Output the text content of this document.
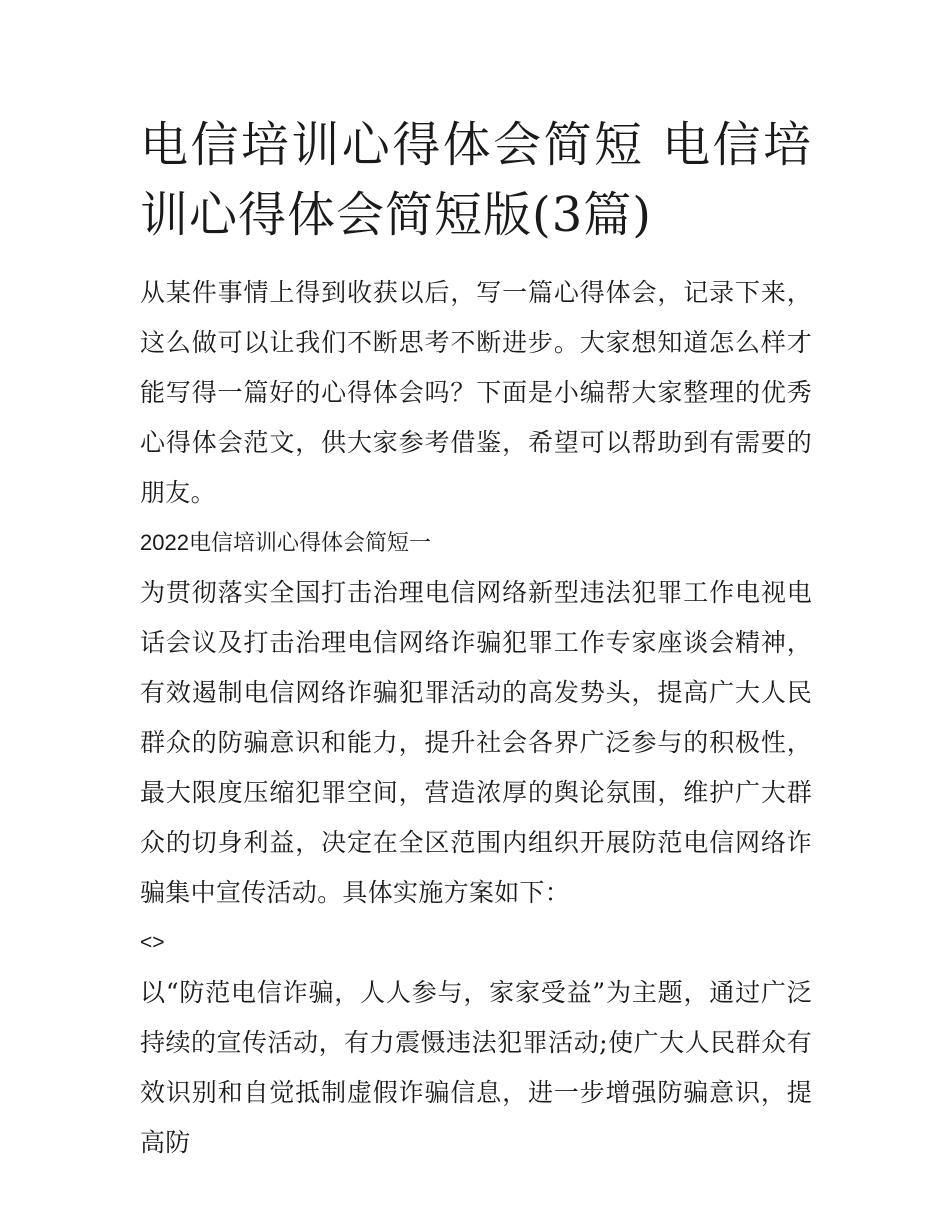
电信培训心得体会简短 电信培训心得体会简短版(3篇)

从某件事情上得到收获以后，写一篇心得体会，记录下来，这么做可以让我们不断思考不断进步。大家想知道怎么样才能写得一篇好的心得体会吗？下面是小编帮大家整理的优秀心得体会范文，供大家参考借鉴，希望可以帮助到有需要的朋友。

2022电信培训心得体会简短一

为贯彻落实全国打击治理电信网络新型违法犯罪工作电视电话会议及打击治理电信网络诈骗犯罪工作专家座谈会精神，有效遏制电信网络诈骗犯罪活动的高发势头，提高广大人民群众的防骗意识和能力，提升社会各界广泛参与的积极性，最大限度压缩犯罪空间，营造浓厚的舆论氛围，维护广大群众的切身利益，决定在全区范围内组织开展防范电信网络诈骗集中宣传活动。具体实施方案如下：

<>

以“防范电信诈骗，人人参与，家家受益”为主题，通过广泛持续的宣传活动，有力震慑违法犯罪活动;使广大人民群众有效识别和自觉抵制虚假诈骗信息，进一步增强防骗意识，提高防
